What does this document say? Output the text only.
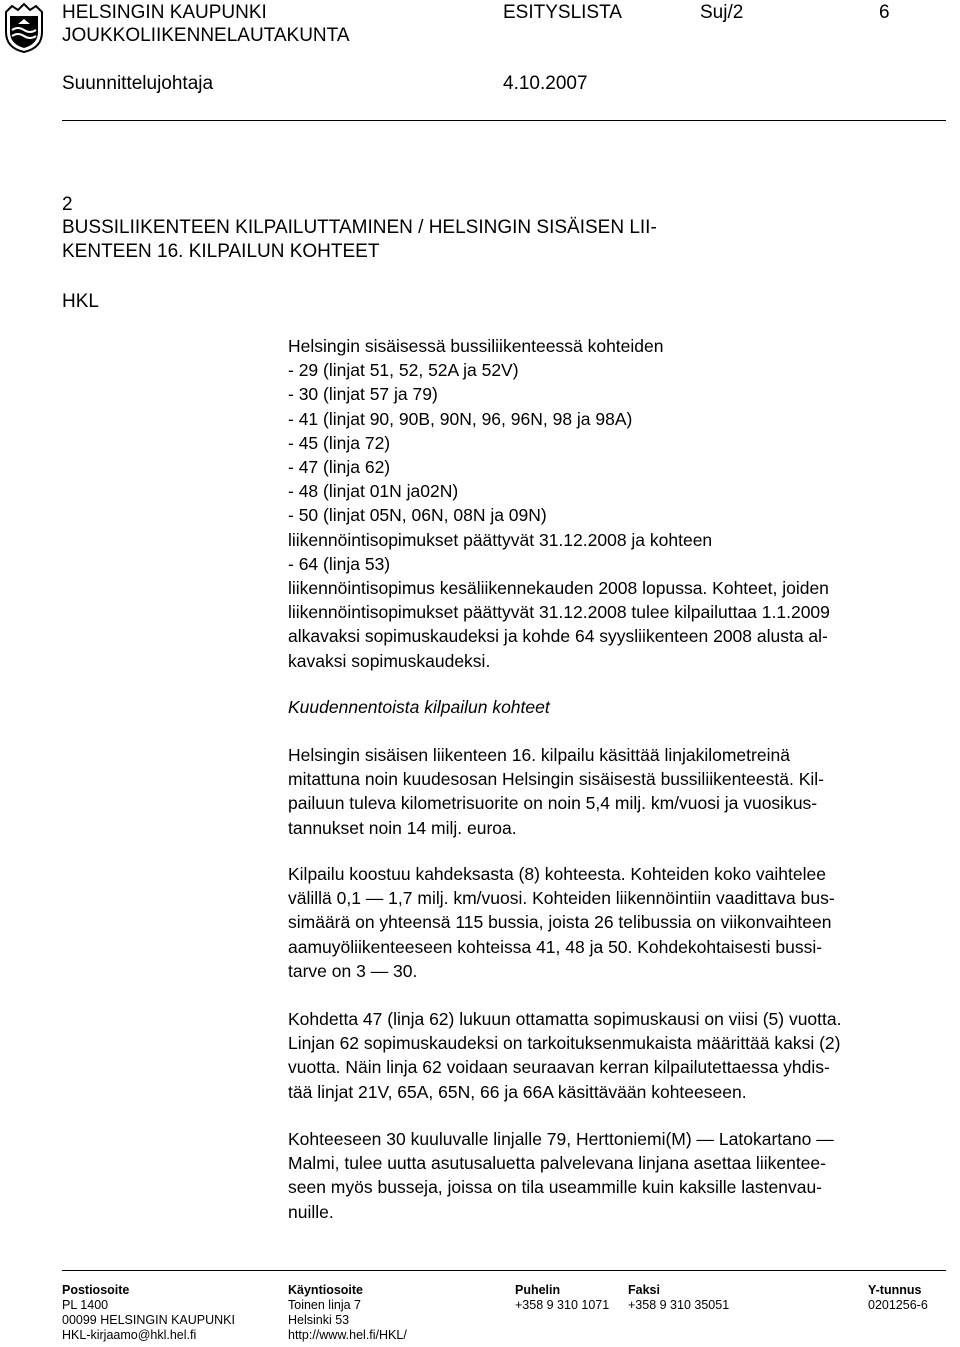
HELSINGIN KAUPUNKI
JOUKKOLIIKENNELAUTAKUNTA
ESITYSLISTA	Suj/2	6
Suunnittelujohtaja	4.10.2007
2
BUSSILIIKENTEEN KILPAILUTTAMINEN / HELSINGIN SISÄISEN LII-
KENTEEN 16. KILPAILUN KOHTEET
HKL
Helsingin sisäisessä bussiliikenteessä kohteiden
- 29 (linjat 51, 52, 52A ja 52V)
- 30 (linjat 57 ja 79)
- 41 (linjat 90, 90B, 90N, 96, 96N, 98 ja 98A)
- 45 (linja 72)
- 47 (linja 62)
- 48 (linjat 01N ja02N)
- 50 (linjat 05N, 06N, 08N ja 09N)
liikennöintisopimukset päättyvät 31.12.2008 ja kohteen
- 64 (linja 53)
liikennöintisopimus kesäliikennekauden 2008 lopussa. Kohteet, joiden
liikennöintisopimukset päättyvät 31.12.2008 tulee kilpailuttaa 1.1.2009
alkavaksi sopimuskaudeksi ja kohde 64 syysliikenteen 2008 alusta al-
kavaksi sopimuskaudeksi.
Kuudennentoista kilpailun kohteet
Helsingin sisäisen liikenteen 16. kilpailu käsittää linjakilometreinä
mitattuna noin kuudesosan Helsingin sisäisestä bussiliikenteestä. Kil-
pailuun tuleva kilometrisuorite on noin 5,4 milj. km/vuosi ja vuosikus-
tannukset noin 14 milj. euroa.
Kilpailu koostuu kahdeksasta (8) kohteesta. Kohteiden koko vaihtelee
välillä 0,1 — 1,7 milj. km/vuosi. Kohteiden liikennöintiin vaadittava bus-
simäärä on yhteensä 115 bussia, joista 26 telibussia on viikonvaihteen
aamuyöliikenteeseen kohteissa 41, 48 ja 50. Kohdekohtaisesti bussi-
tarve on 3 — 30.
Kohdetta 47 (linja 62) lukuun ottamatta sopimuskausi on viisi (5) vuotta.
Linjan 62 sopimuskaudeksi on tarkoituksenmukaista määrittää kaksi (2)
vuotta. Näin linja 62 voidaan seuraavan kerran kilpailutettaessa yhdis-
tää linjat 21V, 65A, 65N, 66 ja 66A käsittävään kohteeseen.
Kohteeseen 30 kuuluvalle linjalle 79, Herttoniemi(M) — Latokartano —
Malmi, tulee uutta asutusaluetta palvelevana linjana asettaa liikentee-
seen myös busseja, joissa on tila useammille kuin kaksille lastenvau-
nuille.
Postiosoite
PL 1400
00099 HELSINGIN KAUPUNKI
HKL-kirjaamo@hkl.hel.fi
Käyntiosoite
Toinen linja 7
Helsinki 53
http://www.hel.fi/HKL/
Puhelin
+358 9 310 1071
Faksi
+358 9 310 35051
Y-tunnus
0201256-6
